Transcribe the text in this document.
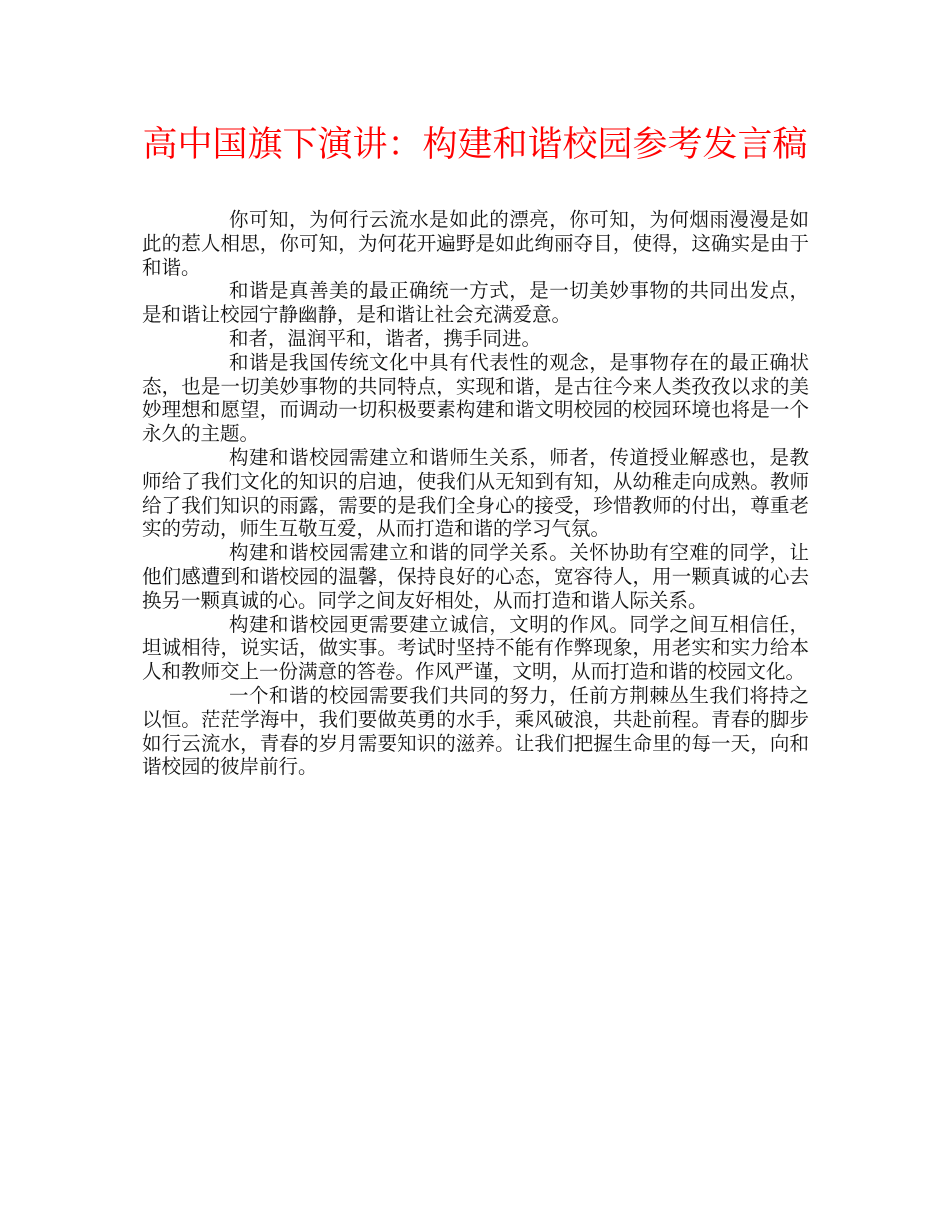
高中国旗下演讲：构建和谐校园参考发言稿

你可知，为何行云流水是如此的漂亮，你可知，为何烟雨漫漫是如此的惹人相思，你可知，为何花开遍野是如此绚丽夺目，使得，这确实是由于和谐。

和谐是真善美的最正确统一方式，是一切美妙事物的共同出发点，是和谐让校园宁静幽静，是和谐让社会充满爱意。

和者，温润平和，谐者，携手同进。

和谐是我国传统文化中具有代表性的观念，是事物存在的最正确状态，也是一切美妙事物的共同特点，实现和谐，是古往今来人类孜孜以求的美妙理想和愿望，而调动一切积极要素构建和谐文明校园的校园环境也将是一个永久的主题。

构建和谐校园需建立和谐师生关系，师者，传道授业解惑也，是教师给了我们文化的知识的启迪，使我们从无知到有知，从幼稚走向成熟。教师给了我们知识的雨露，需要的是我们全身心的接受，珍惜教师的付出，尊重老实的劳动，师生互敬互爱，从而打造和谐的学习气氛。

构建和谐校园需建立和谐的同学关系。关怀协助有空难的同学，让他们感遭到和谐校园的温馨，保持良好的心态，宽容待人，用一颗真诚的心去换另一颗真诚的心。同学之间友好相处，从而打造和谐人际关系。

构建和谐校园更需要建立诚信，文明的作风。同学之间互相信任，坦诚相待，说实话，做实事。考试时坚持不能有作弊现象，用老实和实力给本人和教师交上一份满意的答卷。作风严谨，文明，从而打造和谐的校园文化。

一个和谐的校园需要我们共同的努力，任前方荆棘丛生我们将持之以恒。茫茫学海中，我们要做英勇的水手，乘风破浪，共赴前程。青春的脚步如行云流水，青春的岁月需要知识的滋养。让我们把握生命里的每一天，向和谐校园的彼岸前行。
